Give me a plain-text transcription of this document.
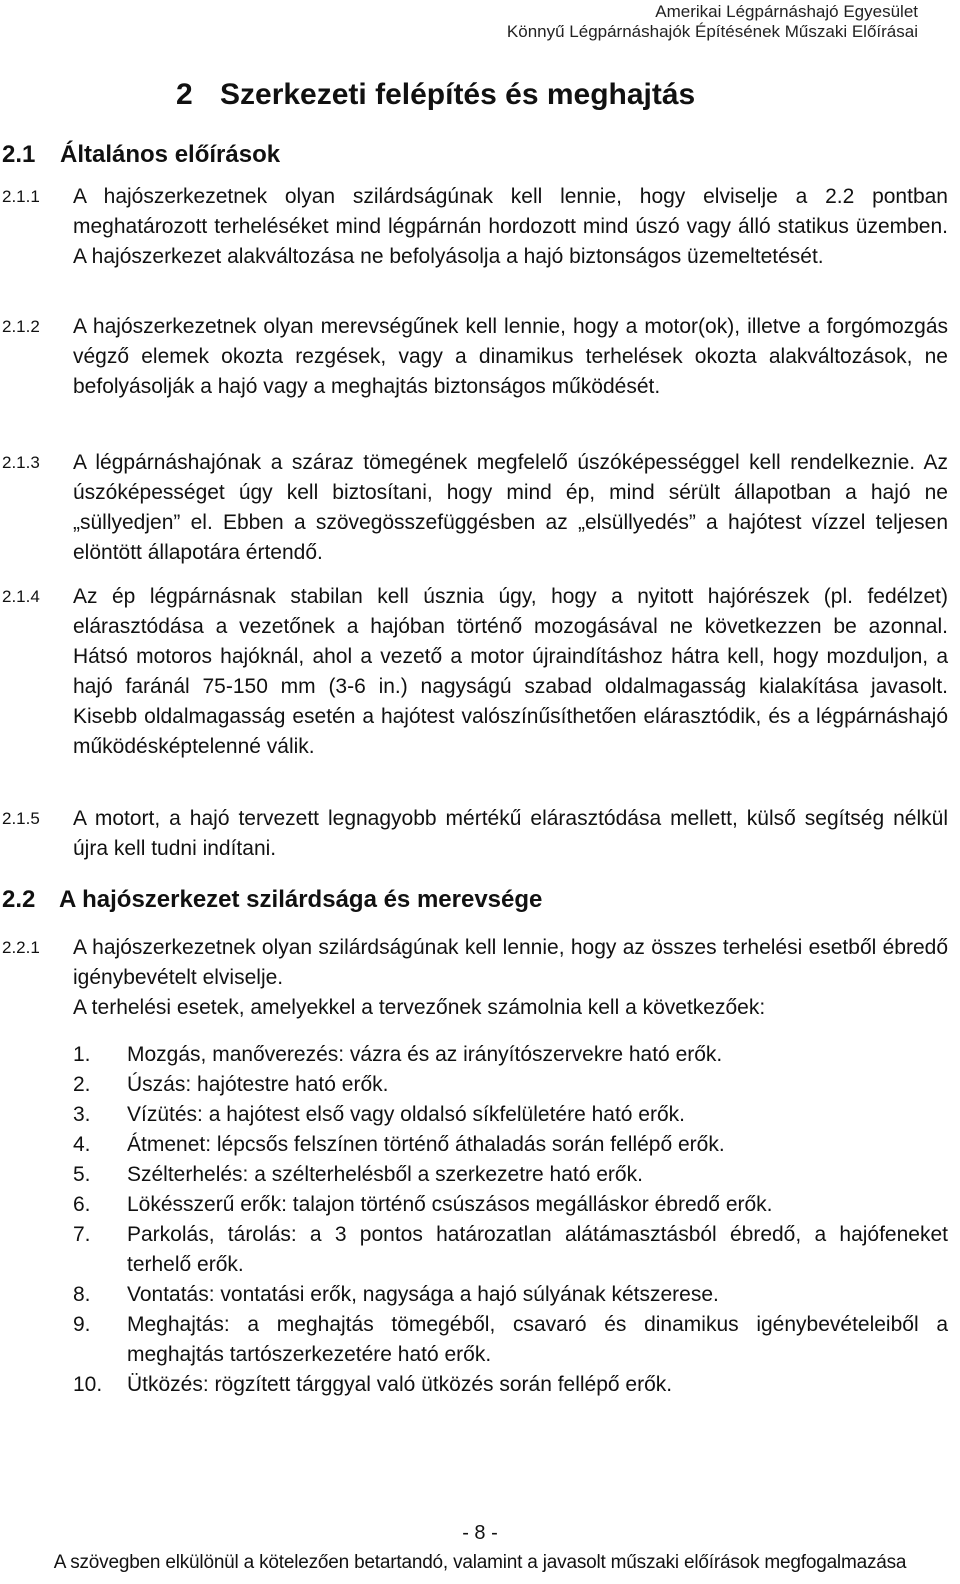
Amerikai Légpárnáshajó Egyesület
Könnyű Légpárnáshajók Építésének Műszaki Előírásai
2 Szerkezeti felépítés és meghajtás
2.1 Általános előírások
2.1.1 A hajószerkezetnek olyan szilárdságúnak kell lennie, hogy elviselje a 2.2 pontban meghatározott terheléséket mind légpárnán hordozott mind úszó vagy álló statikus üzemben. A hajószerkezet alakváltozása ne befolyásolja a hajó biztonságos üzemeltetését.
2.1.2 A hajószerkezetnek olyan merevségűnek kell lennie, hogy a motor(ok), illetve a forgómozgás végző elemek okozta rezgések, vagy a dinamikus terhelések okozta alakváltozások, ne befolyásolják a hajó vagy a meghajtás biztonságos működését.
2.1.3 A légpárnáshajónak a száraz tömegének megfelelő úszóképességgel kell rendelkeznie. Az úszóképességet úgy kell biztosítani, hogy mind ép, mind sérült állapotban a hajó ne „süllyedjen” el. Ebben a szövegösszefüggésben az „elsüllyedés” a hajótest vízzel teljesen elöntött állapotára értendő.
2.1.4 Az ép légpárnásnak stabilan kell úsznia úgy, hogy a nyitott hajórészek (pl. fedélzet) elárasztódása a vezetőnek a hajóban történő mozogásával ne következzen be azonnal. Hátsó motoros hajóknál, ahol a vezető a motor újraindításhoz hátra kell, hogy mozduljon, a hajó faránál 75-150 mm (3-6 in.) nagyságú szabad oldalmagasság kialakítása javasolt. Kisebb oldalmagasság esetén a hajótest valószínűsíthetően elárasztódik, és a légpárnáshajó működésképtelenné válik.
2.1.5 A motort, a hajó tervezett legnagyobb mértékű elárasztódása mellett, külső segítség nélkül újra kell tudni indítani.
2.2 A hajószerkezet szilárdsága és merevsége
2.2.1 A hajószerkezetnek olyan szilárdságúnak kell lennie, hogy az összes terhelési esetből ébredő igénybevételt elviselje.
A terhelési esetek, amelyekkel a tervezőnek számolnia kell a következőek:
1. Mozgás, manőverezés: vázra és az irányítószervekre ható erők.
2. Úszás: hajótestre ható erők.
3. Vízütés: a hajótest első vagy oldalsó síkfelületére ható erők.
4. Átmenet: lépcsős felszínen történő áthaladás során fellépő erők.
5. Szélterhelés: a szélterhelésből a szerkezetre ható erők.
6. Lökésszerű erők: talajon történő csúszásos megálláskor ébredő erők.
7. Parkolás, tárolás: a 3 pontos határozatlan alátámasztásból ébredő, a hajófeneket terhelő erők.
8. Vontatás: vontatási erők, nagysága a hajó súlyának kétszerese.
9. Meghajtás: a meghajtás tömegéből, csavaró és dinamikus igénybevételeiből a meghajtás tartószerkezetére ható erők.
10. Ütközés: rögzített tárggyal való ütközés során fellépő erők.
- 8 -
A szövegben elkülönül a kötelezően betartandó, valamint a javasolt műszaki előírások megfogalmazása
